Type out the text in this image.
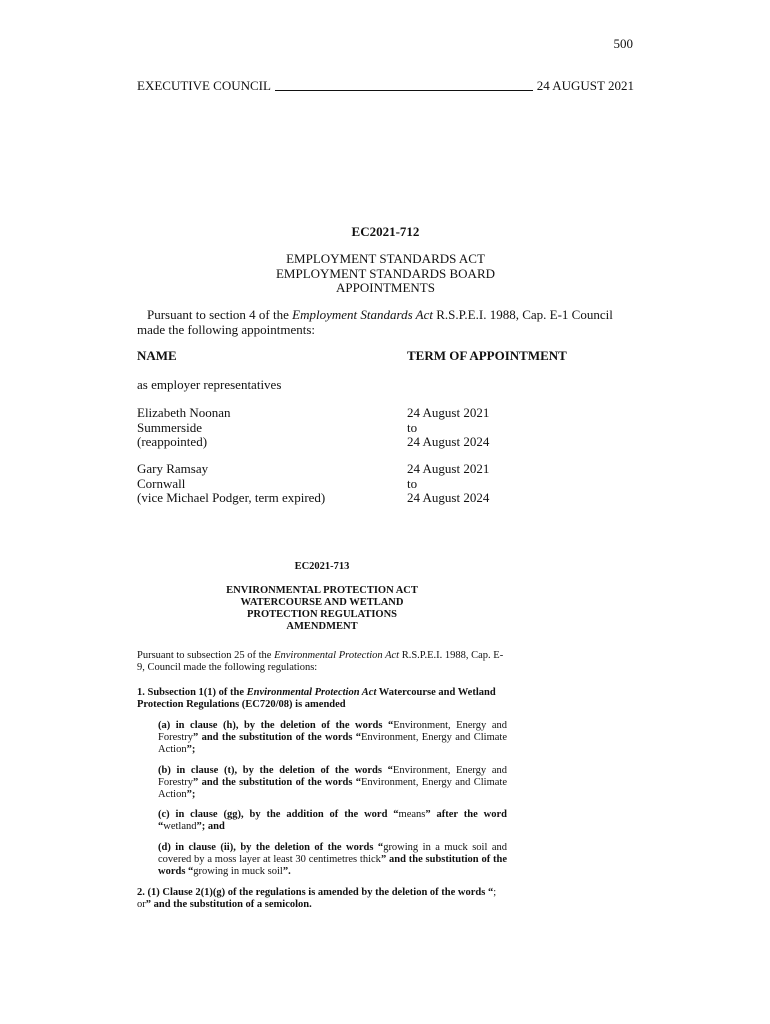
500
EXECUTIVE COUNCIL	24 AUGUST 2021
EC2021-712
EMPLOYMENT STANDARDS ACT
EMPLOYMENT STANDARDS BOARD
APPOINTMENTS
Pursuant to section 4 of the Employment Standards Act R.S.P.E.I. 1988, Cap. E-1 Council made the following appointments:
NAME	TERM OF APPOINTMENT
as employer representatives
Elizabeth Noonan
Summerside
(reappointed)
24 August 2021
to
24 August 2024
Gary Ramsay
Cornwall
(vice Michael Podger, term expired)
24 August 2021
to
24 August 2024
EC2021-713
ENVIRONMENTAL PROTECTION ACT
WATERCOURSE AND WETLAND
PROTECTION REGULATIONS
AMENDMENT
Pursuant to subsection 25 of the Environmental Protection Act R.S.P.E.I. 1988, Cap. E-9, Council made the following regulations:
1. Subsection 1(1) of the Environmental Protection Act Watercourse and Wetland Protection Regulations (EC720/08) is amended
(a) in clause (h), by the deletion of the words “Environment, Energy and Forestry” and the substitution of the words “Environment, Energy and Climate Action”;
(b) in clause (t), by the deletion of the words “Environment, Energy and Forestry” and the substitution of the words “Environment, Energy and Climate Action”;
(c) in clause (gg), by the addition of the word “means” after the word “wetland”; and
(d) in clause (ii), by the deletion of the words “growing in a muck soil and covered by a moss layer at least 30 centimetres thick” and the substitution of the words “growing in muck soil”.
2. (1) Clause 2(1)(g) of the regulations is amended by the deletion of the words “; or” and the substitution of a semicolon.
